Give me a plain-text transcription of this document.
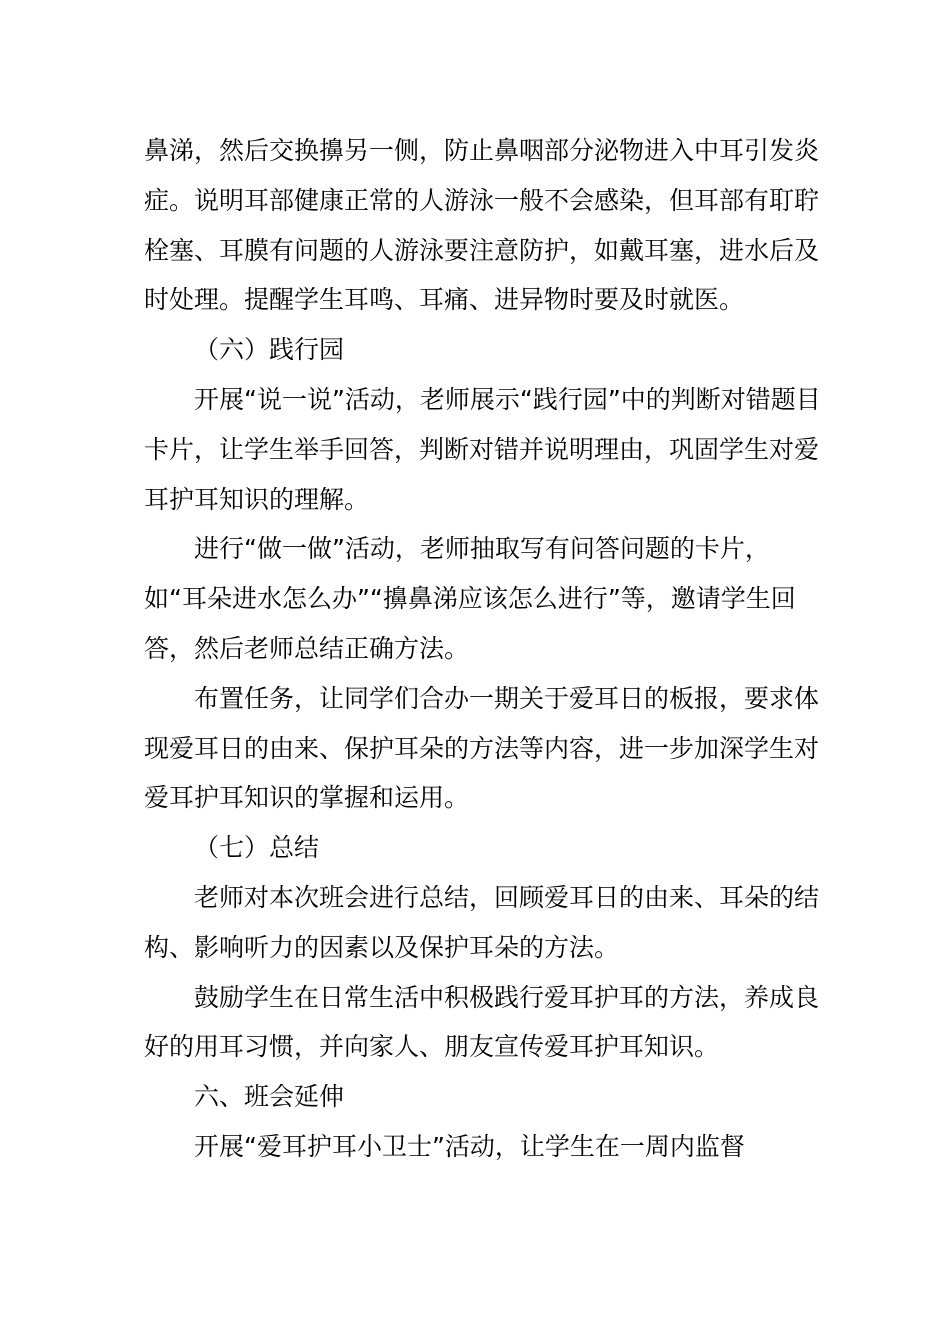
鼻涕，然后交换擤另一侧，防止鼻咽部分泌物进入中耳引发炎症。说明耳部健康正常的人游泳一般不会感染，但耳部有耵聍栓塞、耳膜有问题的人游泳要注意防护，如戴耳塞，进水后及时处理。提醒学生耳鸣、耳痛、进异物时要及时就医。

（六）践行园

开展“说一说”活动，老师展示“践行园”中的判断对错题目卡片，让学生举手回答，判断对错并说明理由，巩固学生对爱耳护耳知识的理解。

进行“做一做”活动，老师抽取写有问答问题的卡片，如“耳朵进水怎么办”“擤鼻涕应该怎么进行”等，邀请学生回答，然后老师总结正确方法。

布置任务，让同学们合办一期关于爱耳日的板报，要求体现爱耳日的由来、保护耳朵的方法等内容，进一步加深学生对爱耳护耳知识的掌握和运用。

（七）总结

老师对本次班会进行总结，回顾爱耳日的由来、耳朵的结构、影响听力的因素以及保护耳朵的方法。

鼓励学生在日常生活中积极践行爱耳护耳的方法，养成良好的用耳习惯，并向家人、朋友宣传爱耳护耳知识。

六、班会延伸

开展“爱耳护耳小卫士”活动，让学生在一周内监督
